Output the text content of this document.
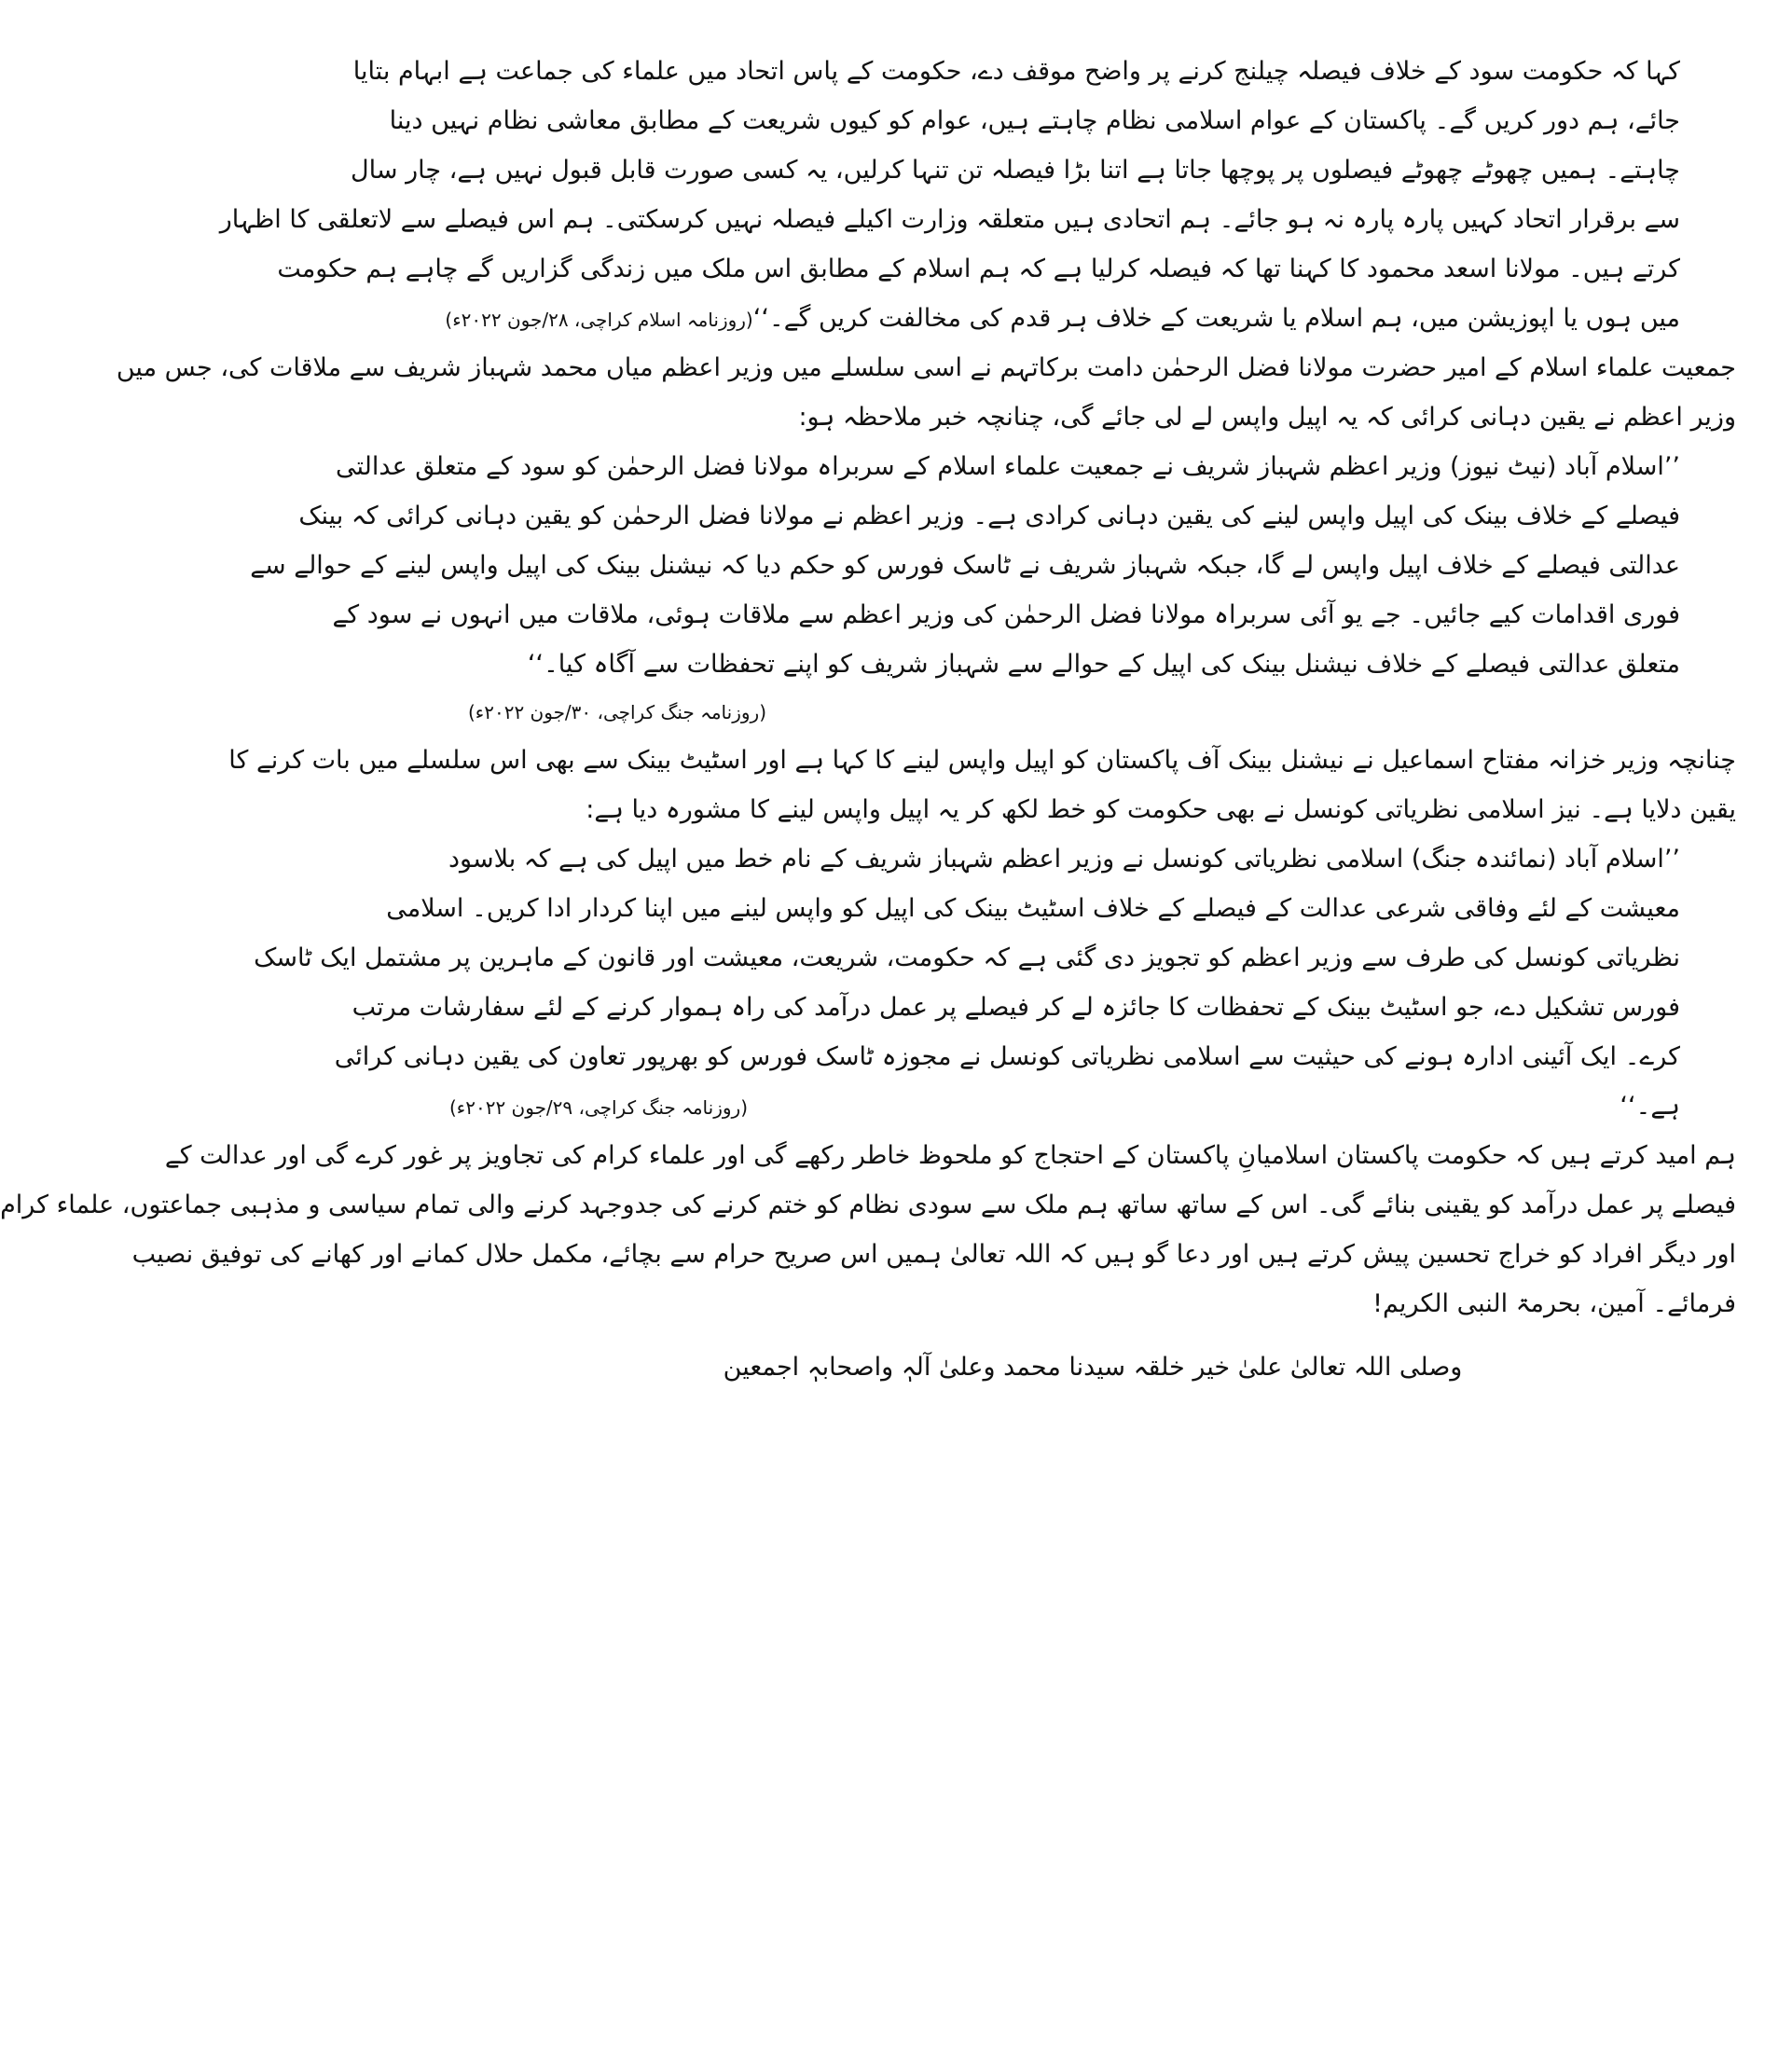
کہا کہ حکومت سود کے خلاف فیصلہ چیلنج کرنے پر واضح موقف دے، حکومت کے پاس اتحاد میں علماء کی جماعت ہے ابہام بتایا
جائے، ہم دور کریں گے۔ پاکستان کے عوام اسلامی نظام چاہتے ہیں، عوام کو کیوں شریعت کے مطابق معاشی نظام نہیں دینا
چاہتے۔ ہمیں چھوٹے چھوٹے فیصلوں پر پوچھا جاتا ہے اتنا بڑا فیصلہ تن تنہا کرلیں، یہ کسی صورت قابل قبول نہیں ہے، چار سال
سے برقرار اتحاد کہیں پارہ پارہ نہ ہو جائے۔ ہم اتحادی ہیں متعلقہ وزارت اکیلے فیصلہ نہیں کرسکتی۔ ہم اس فیصلے سے لاتعلقی کا اظہار
کرتے ہیں۔ مولانا اسعد محمود کا کہنا تھا کہ فیصلہ کرلیا ہے کہ ہم اسلام کے مطابق اس ملک میں زندگی گزاریں گے چاہے ہم حکومت
میں ہوں یا اپوزیشن میں، ہم اسلام یا شریعت کے خلاف ہر قدم کی مخالفت کریں گے۔‘‘
(روزنامہ اسلام کراچی، ۲۸/جون ۲۰۲۲ء)
جمعیت علماء اسلام کے امیر حضرت مولانا فضل الرحمٰن دامت برکاتہم نے اسی سلسلے میں وزیر اعظم میاں محمد شہباز شریف سے ملاقات کی، جس میں
وزیر اعظم نے یقین دہانی کرائی کہ یہ اپیل واپس لے لی جائے گی، چنانچہ خبر ملاحظہ ہو:
’’اسلام آباد (نیٹ نیوز) وزیر اعظم شہباز شریف نے جمعیت علماء اسلام کے سربراہ مولانا فضل الرحمٰن کو سود کے متعلق عدالتی
فیصلے کے خلاف بینک کی اپیل واپس لینے کی یقین دہانی کرادی ہے۔ وزیر اعظم نے مولانا فضل الرحمٰن کو یقین دہانی کرائی کہ بینک
عدالتی فیصلے کے خلاف اپیل واپس لے گا، جبکہ شہباز شریف نے ٹاسک فورس کو حکم دیا کہ نیشنل بینک کی اپیل واپس لینے کے حوالے سے
فوری اقدامات کیے جائیں۔ جے یو آئی سربراہ مولانا فضل الرحمٰن کی وزیر اعظم سے ملاقات ہوئی، ملاقات میں انہوں نے سود کے
متعلق عدالتی فیصلے کے خلاف نیشنل بینک کی اپیل کے حوالے سے شہباز شریف کو اپنے تحفظات سے آگاہ کیا۔‘‘
(روزنامہ جنگ کراچی، ۳۰/جون ۲۰۲۲ء)
چنانچہ وزیر خزانہ مفتاح اسماعیل نے نیشنل بینک آف پاکستان کو اپیل واپس لینے کا کہا ہے اور اسٹیٹ بینک سے بھی اس سلسلے میں بات کرنے کا
یقین دلایا ہے۔ نیز اسلامی نظریاتی کونسل نے بھی حکومت کو خط لکھ کر یہ اپیل واپس لینے کا مشورہ دیا ہے:
’’اسلام آباد (نمائندہ جنگ) اسلامی نظریاتی کونسل نے وزیر اعظم شہباز شریف کے نام خط میں اپیل کی ہے کہ بلاسود
معیشت کے لئے وفاقی شرعی عدالت کے فیصلے کے خلاف اسٹیٹ بینک کی اپیل کو واپس لینے میں اپنا کردار ادا کریں۔ اسلامی
نظریاتی کونسل کی طرف سے وزیر اعظم کو تجویز دی گئی ہے کہ حکومت، شریعت، معیشت اور قانون کے ماہرین پر مشتمل ایک ٹاسک
فورس تشکیل دے، جو اسٹیٹ بینک کے تحفظات کا جائزہ لے کر فیصلے پر عمل درآمد کی راہ ہموار کرنے کے لئے سفارشات مرتب
کرے۔ ایک آئینی ادارہ ہونے کی حیثیت سے اسلامی نظریاتی کونسل نے مجوزہ ٹاسک فورس کو بھرپور تعاون کی یقین دہانی کرائی
ہے۔‘‘
(روزنامہ جنگ کراچی، ۲۹/جون ۲۰۲۲ء)
ہم امید کرتے ہیں کہ حکومت پاکستان اسلامیانِ پاکستان کے احتجاج کو ملحوظ خاطر رکھے گی اور علماء کرام کی تجاویز پر غور کرے گی اور عدالت کے
فیصلے پر عمل درآمد کو یقینی بنائے گی۔ اس کے ساتھ ساتھ ہم ملک سے سودی نظام کو ختم کرنے کی جدوجہد کرنے والی تمام سیاسی و مذہبی جماعتوں، علماء کرام
اور دیگر افراد کو خراج تحسین پیش کرتے ہیں اور دعا گو ہیں کہ اللہ تعالیٰ ہمیں اس صریح حرام سے بچائے، مکمل حلال کمانے اور کھانے کی توفیق نصیب
فرمائے۔ آمین، بحرمۃ النبی الکریم!
وصلی اللہ تعالیٰ علیٰ خیر خلقہ سیدنا محمد وعلیٰ آلہٖ واصحابہٖ اجمعین
